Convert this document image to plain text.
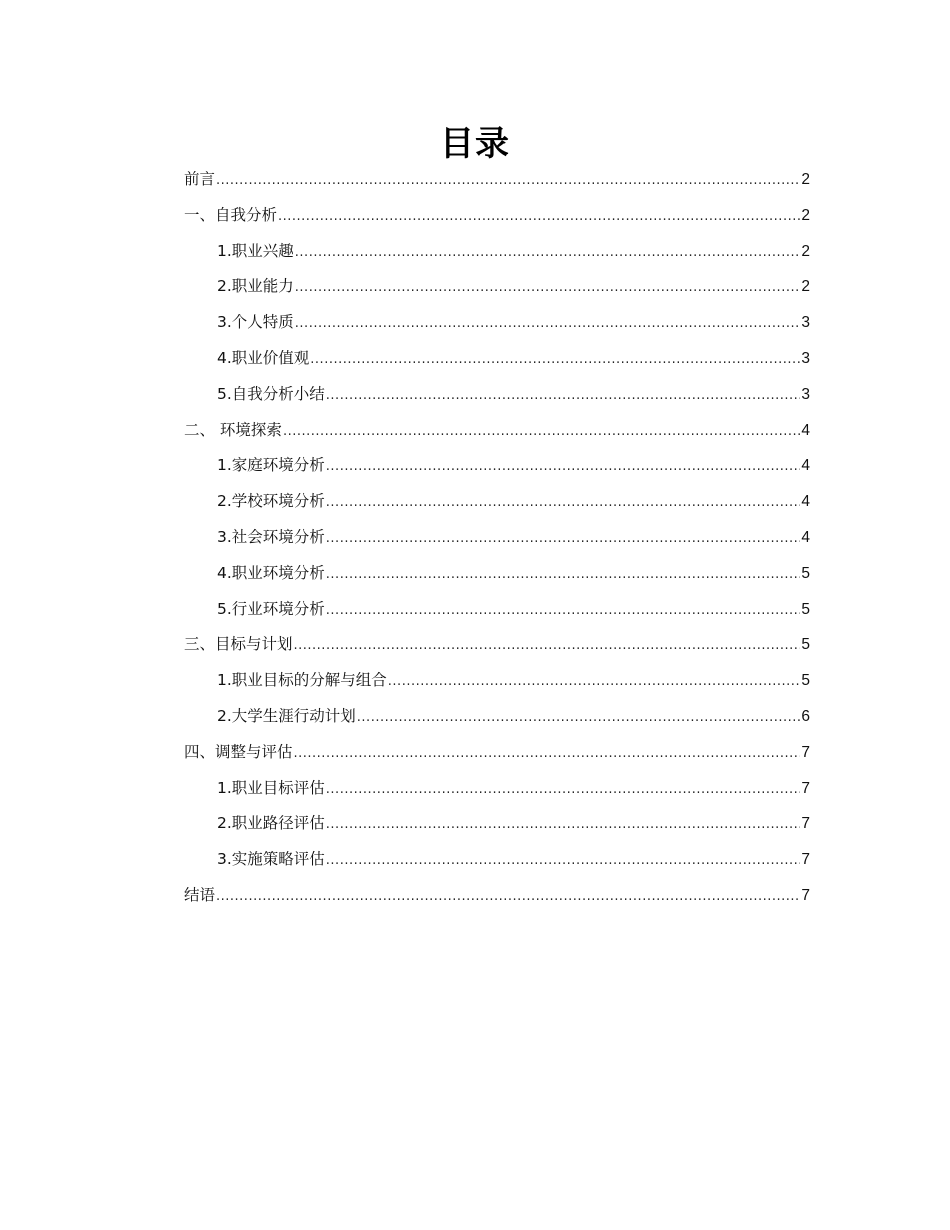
目录
前言 .....	2
一、自我分析 .....	2
1.职业兴趣 .....	2
2.职业能力 .....	2
3.个人特质 .....	3
4.职业价值观 .....	3
5.自我分析小结 .....	3
二、 环境探索 .....	4
1.家庭环境分析 .....	4
2.学校环境分析 .....	4
3.社会环境分析 .....	4
4.职业环境分析 .....	5
5.行业环境分析 .....	5
三、目标与计划 .....	5
1.职业目标的分解与组合 .....	5
2.大学生涯行动计划 .....	6
四、调整与评估 .....	7
1.职业目标评估 .....	7
2.职业路径评估 .....	7
3.实施策略评估 .....	7
结语 .....	7
